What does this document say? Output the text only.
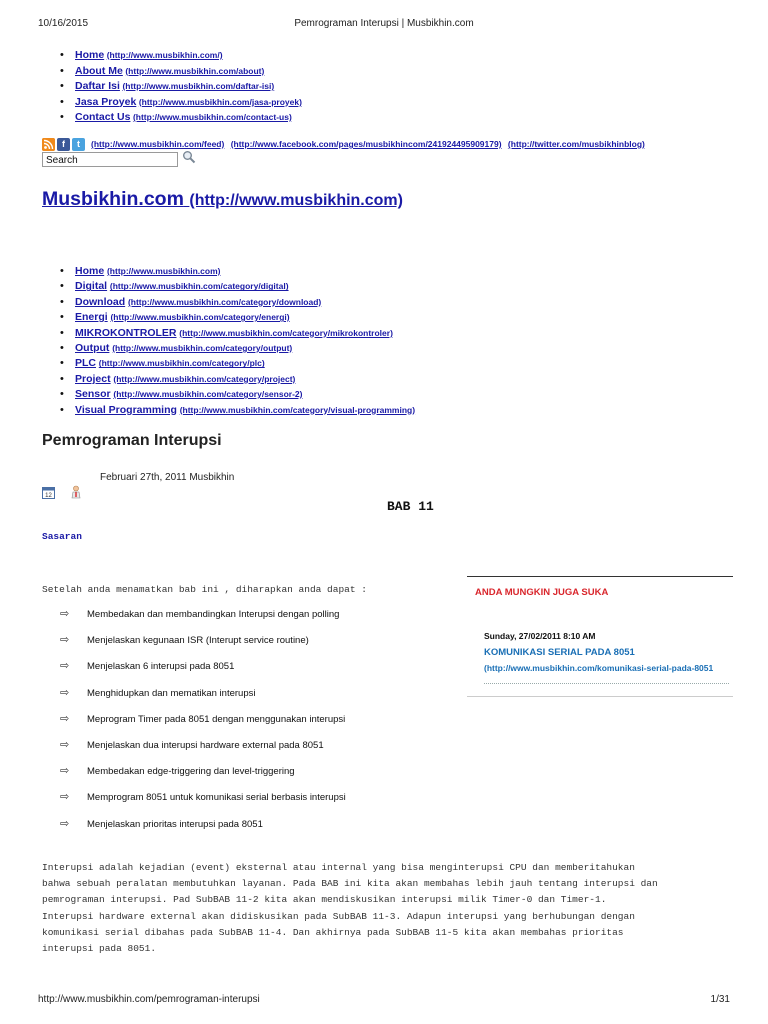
10/16/2015	Pemrograman Interupsi | Musbikhin.com
• Home (http://www.musbikhin.com/)
• About Me (http://www.musbikhin.com/about)
• Daftar Isi (http://www.musbikhin.com/daftar-isi)
• Jasa Proyek (http://www.musbikhin.com/jasa-proyek)
• Contact Us (http://www.musbikhin.com/contact-us)
f	t	(http://www.musbikhin.com/feed) (http://www.facebook.com/pages/musbikhincom/241924495909179) (http://twitter.com/musbikhinblog)
Search
Musbikhin.com (http://www.musbikhin.com)
• Home (http://www.musbikhin.com)
• Digital (http://www.musbikhin.com/category/digital)
• Download (http://www.musbikhin.com/category/download)
• Energi (http://www.musbikhin.com/category/energi)
• MIKROKONTROLER (http://www.musbikhin.com/category/mikrokontroler)
• Output (http://www.musbikhin.com/category/output)
• PLC (http://www.musbikhin.com/category/plc)
• Project (http://www.musbikhin.com/category/project)
• Sensor (http://www.musbikhin.com/category/sensor-2)
• Visual Programming (http://www.musbikhin.com/category/visual-programming)
Pemrograman Interupsi
Februari 27th, 2011 Musbikhin
12
BAB 11
Sasaran
Setelah anda menamatkan bab ini , diharapkan anda dapat :
⇨ Membedakan dan membandingkan Interupsi dengan polling
⇨ Menjelaskan kegunaan ISR (Interupt service routine)
⇨ Menjelaskan 6 interupsi pada 8051
⇨ Menghidupkan dan mematikan interupsi
⇨ Meprogram Timer pada 8051 dengan menggunakan interupsi
⇨ Menjelaskan dua interupsi hardware external pada 8051
⇨ Membedakan edge-triggering dan level-triggering
⇨ Memprogram 8051 untuk komunikasi serial berbasis interupsi
⇨ Menjelaskan prioritas interupsi pada 8051
Interupsi adalah kejadian (event) eksternal atau internal yang bisa menginterupsi CPU dan memberitahukan
bahwa sebuah peralatan membutuhkan layanan. Pada BAB ini kita akan membahas lebih jauh tentang interupsi dan
pemrograman interupsi. Pad SubBAB 11-2 kita akan mendiskusikan interupsi milik Timer-0 dan Timer-1.
Interupsi hardware external akan didiskusikan pada SubBAB 11-3. Adapun interupsi yang berhubungan dengan
komunikasi serial dibahas pada SubBAB 11-4. Dan akhirnya pada SubBAB 11-5 kita akan membahas prioritas
interupsi pada 8051.
ANDA MUNGKIN JUGA SUKA
Sunday, 27/02/2011 8:10 AM
KOMUNIKASI SERIAL PADA 8051
(http://www.musbikhin.com/komunikasi-serial-pada-8051
http://www.musbikhin.com/pemrograman-interupsi	1/31
